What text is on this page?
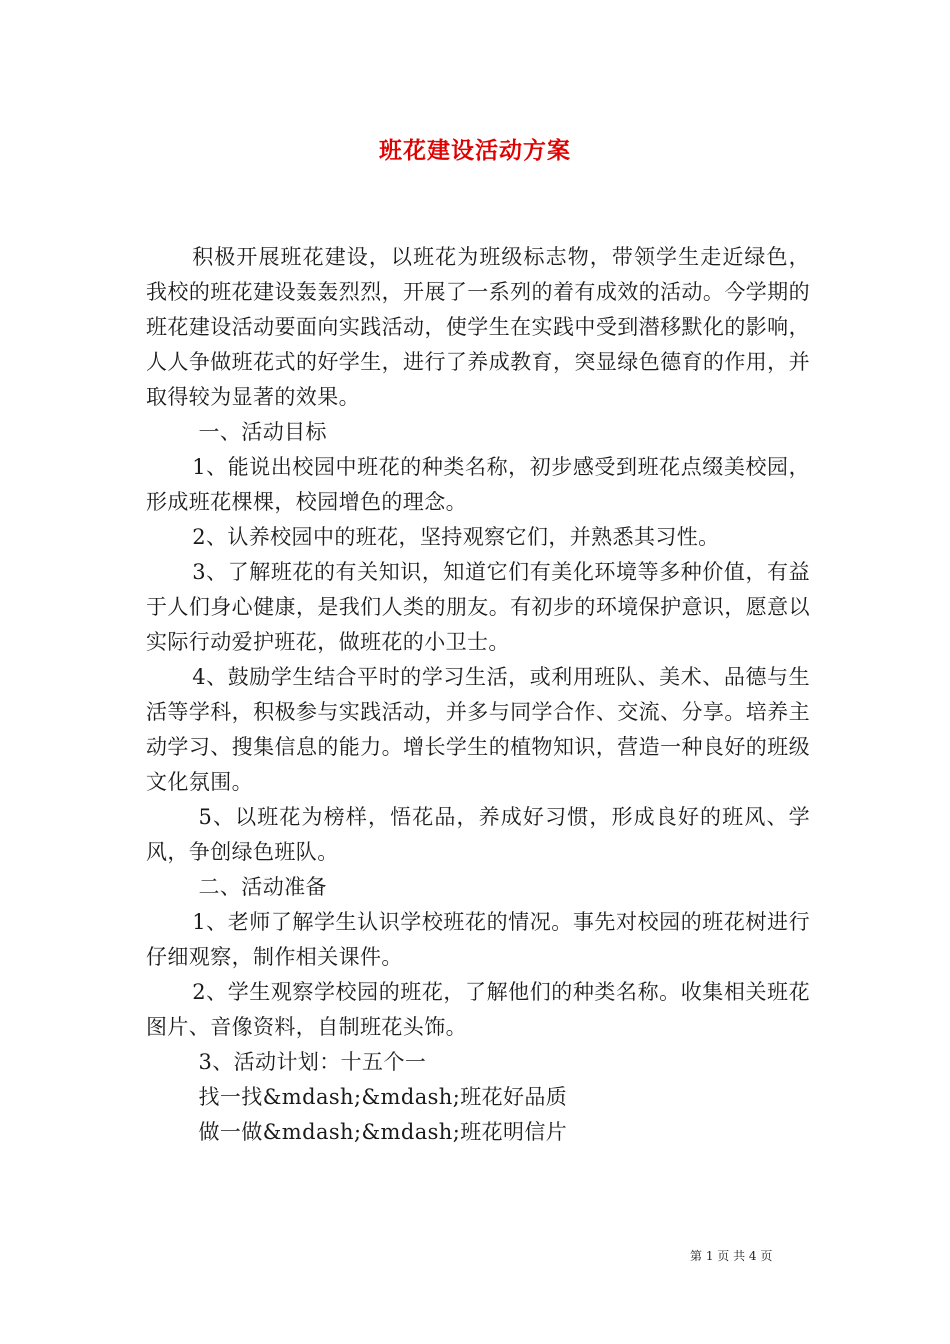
班花建设活动方案

积极开展班花建设，以班花为班级标志物，带领学生走近绿色，我校的班花建设轰轰烈烈，开展了一系列的着有成效的活动。今学期的班花建设活动要面向实践活动，使学生在实践中受到潜移默化的影响，人人争做班花式的好学生，进行了养成教育，突显绿色德育的作用，并取得较为显著的效果。

一、活动目标

1、能说出校园中班花的种类名称，初步感受到班花点缀美校园，形成班花棵棵，校园增色的理念。

2、认养校园中的班花，坚持观察它们，并熟悉其习性。

3、了解班花的有关知识，知道它们有美化环境等多种价值，有益于人们身心健康，是我们人类的朋友。有初步的环境保护意识，愿意以实际行动爱护班花，做班花的小卫士。

4、鼓励学生结合平时的学习生活，或利用班队、美术、品德与生活等学科，积极参与实践活动，并多与同学合作、交流、分享。培养主动学习、搜集信息的能力。增长学生的植物知识，营造一种良好的班级文化氛围。

5、以班花为榜样，悟花品，养成好习惯，形成良好的班风、学风，争创绿色班队。

二、活动准备

1、老师了解学生认识学校班花的情况。事先对校园的班花树进行仔细观察，制作相关课件。

2、学生观察学校园的班花，了解他们的种类名称。收集相关班花图片、音像资料，自制班花头饰。

3、活动计划：十五个一

找一找&mdash;&mdash;班花好品质

做一做&mdash;&mdash;班花明信片

第 1 页 共 4 页
